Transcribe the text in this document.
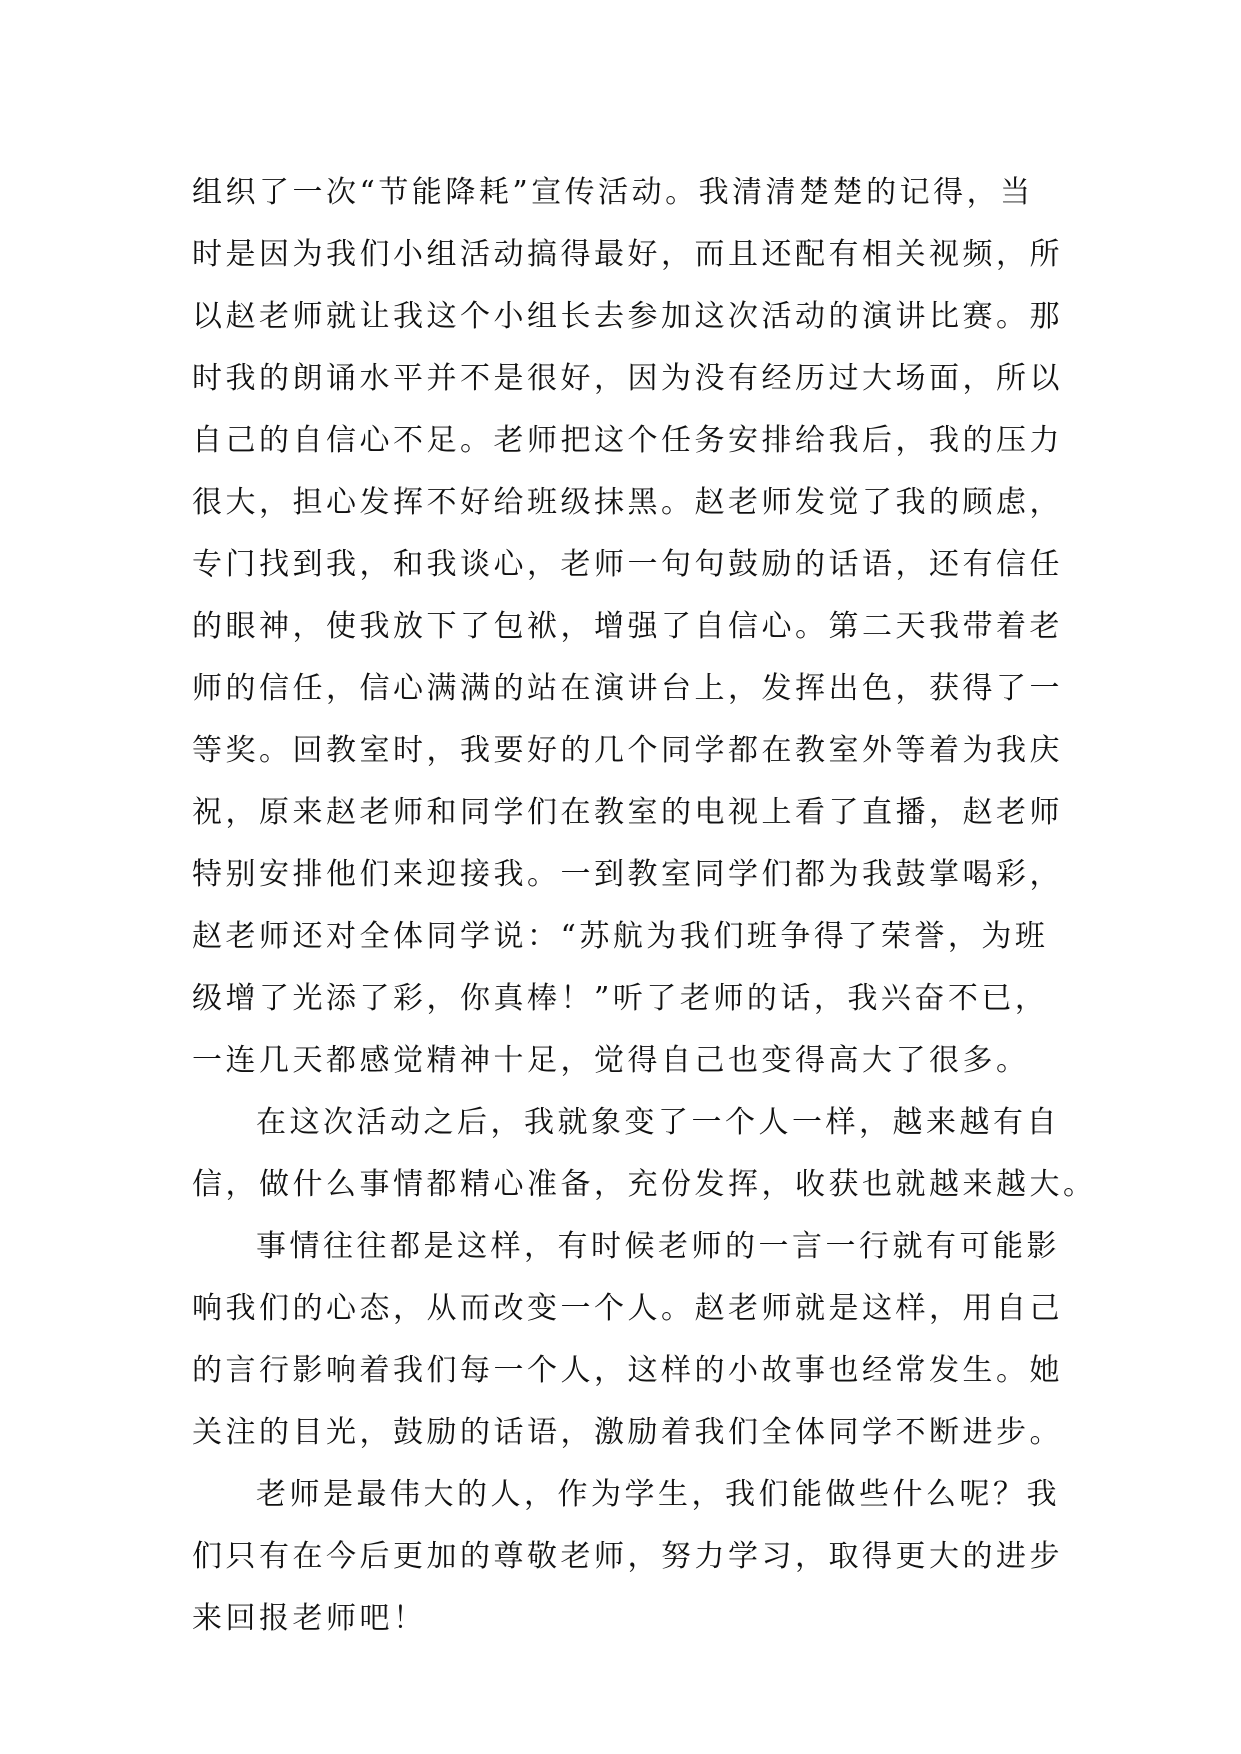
组织了一次“节能降耗”宣传活动。我清清楚楚的记得，当
时是因为我们小组活动搞得最好，而且还配有相关视频，所
以赵老师就让我这个小组长去参加这次活动的演讲比赛。那
时我的朗诵水平并不是很好，因为没有经历过大场面，所以
自己的自信心不足。老师把这个任务安排给我后，我的压力
很大，担心发挥不好给班级抹黑。赵老师发觉了我的顾虑，
专门找到我，和我谈心，老师一句句鼓励的话语，还有信任
的眼神，使我放下了包袱，增强了自信心。第二天我带着老
师的信任，信心满满的站在演讲台上，发挥出色，获得了一
等奖。回教室时，我要好的几个同学都在教室外等着为我庆
祝，原来赵老师和同学们在教室的电视上看了直播，赵老师
特别安排他们来迎接我。一到教室同学们都为我鼓掌喝彩，
赵老师还对全体同学说：“苏航为我们班争得了荣誉，为班
级增了光添了彩，你真棒！”听了老师的话，我兴奋不已，
一连几天都感觉精神十足，觉得自己也变得高大了很多。
在这次活动之后，我就象变了一个人一样，越来越有自
信，做什么事情都精心准备，充份发挥，收获也就越来越大。
事情往往都是这样，有时候老师的一言一行就有可能影
响我们的心态，从而改变一个人。赵老师就是这样，用自己
的言行影响着我们每一个人，这样的小故事也经常发生。她
关注的目光，鼓励的话语，激励着我们全体同学不断进步。
老师是最伟大的人，作为学生，我们能做些什么呢？我
们只有在今后更加的尊敬老师，努力学习，取得更大的进步
来回报老师吧！
